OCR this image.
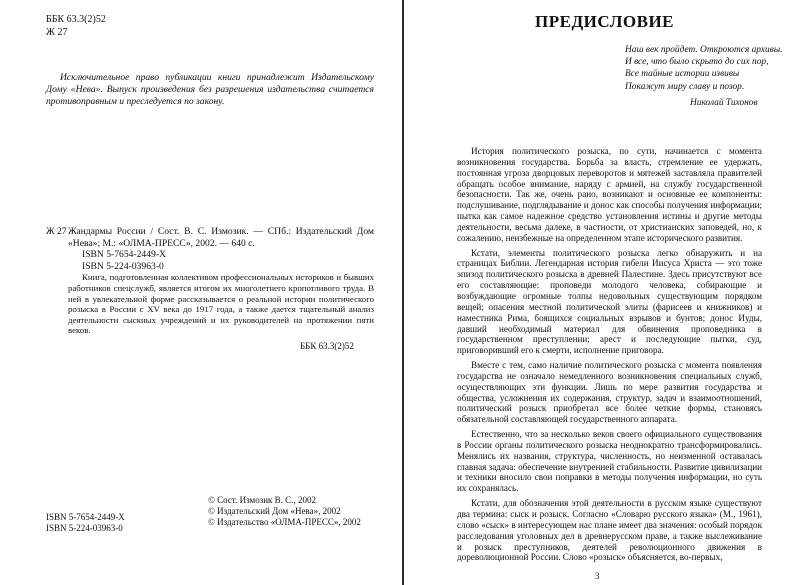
ББК 63.3(2)52
Ж 27
Исключительное право публикации книги принадлежит Издательскому Дому «Нева». Выпуск произведения без разрешения издательства считается противоправным и преследуется по закону.
Ж 27 Жандармы России / Сост. В. С. Измозик. — СПб.: Издательский Дом «Нева»; М.: «ОЛМА-ПРЕСС», 2002. — 640 с.
ISBN 5-7654-2449-X
ISBN 5-224-03963-0
Книга, подготовленная коллективом профессиональных историков и бывших работников спецслужб, является итогом их многолетнего кропотливого труда. В ней в увлекательной форме рассказывается о реальной истории политического розыска в России с XV века до 1917 года, а также дается тщательный анализ деятельности сыскных учреждений и их руководителей на протяжении пяти веков.
ББК 63.3(2)52
ISBN 5-7654-2449-X
ISBN 5-224-03963-0
© Сост. Измозик В. С., 2002
© Издательский Дом «Нева», 2002
© Издательство «ОЛМА-ПРЕСС», 2002
ПРЕДИСЛОВИЕ
Наш век пройдет. Откроются архивы.
И все, что было скрыто до сих пор,
Все тайные истории извивы
Покажут миру славу и позор.
Николай Тихонов

История политического розыска, по сути, начинается с момента возникновения государства. Борьба за власть, стремление ее удержать, постоянная угроза дворцовых переворотов и мятежей заставляла правителей обращать особое внимание, наряду с армией, на службу государственной безопасности. Так же, очень рано, возникают и основные ее компоненты: подслушивание, подглядывание и донос как способы получения информации; пытка как самое надежное средство установления истины и другие методы деятельности, весьма далеке, в частности, от христианских заповедей, но, к сожалению, неизбежные на определенном этапе исторического развития.

Кстати, элементы политического розыска легко обнаружить и на страницах Библии. Легендарная история гибели Иисуса Христа — это тоже эпизод политического розыска в древней Палестине. Здесь присутствуют все его составляющие: проповеди молодого человека, собирающие и возбуждающие огромные толпы недовольных существующим порядком вещей; опасения местной политической элиты (фарисеев и книжников) и наместника Рима, боящихся социальных взрывов и бунтов; донос Иуды, давший необходимый материал для обвинения проповедника в государственном преступлении; арест и последующие пытки, суд, приговоривший его к смерти, исполнение приговора.

Вместе с тем, само наличие политического розыска с момента появления государства не означало немедленного возникновения специальных служб, осуществляющих эти функции. Лишь по мере развития государства и общества, усложнения их содержания, структур, задач и взаимоотношений, политический розыск приобретал все более четкие формы, становясь обязательной составляющей государственного аппарата.

Естественно, что за несколько веков своего официального существования в России органы политического розыска неоднократно трансформировались. Менялись их названия, структура, численность, но неизменной оставалась главная задача: обеспечение внутренней стабильности. Развитие цивилизации и техники вносило свои поправки в методы получения информации, но суть их сохранялась.

Кстати, для обозначения этой деятельности в русском языке существуют два термина: сыск и розыск. Согласно «Словарю русского языка» (М., 1961), слово «сыск» в интересующем нас плане имеет два значения: особый порядок расследования уголовных дел в древнерусском праве, а также выслеживание и розыск преступников, деятелей революционного движения в дореволюционной России. Слово «розыск» объясняется, во-первых,

3
